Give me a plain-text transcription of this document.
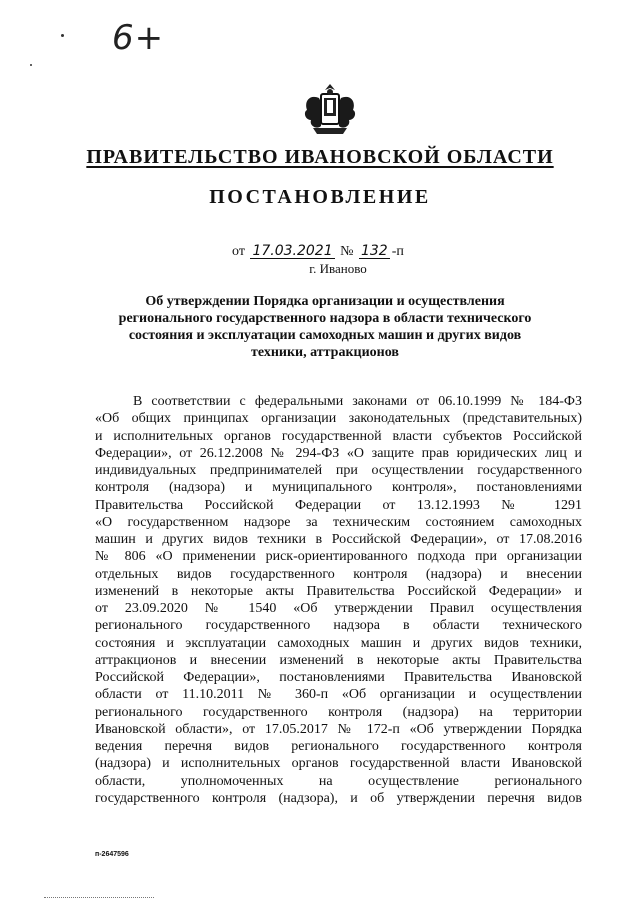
6+
ПРАВИТЕЛЬСТВО ИВАНОВСКОЙ ОБЛАСТИ
ПОСТАНОВЛЕНИЕ
от 17.03.2021 № 132 -п
г. Иваново
Об утверждении Порядка организации и осуществления
регионального государственного надзора в области технического
состояния и эксплуатации самоходных машин и других видов
техники, аттракционов
В соответствии с федеральными законами от 06.10.1999 № 184-ФЗ
«Об общих принципах организации законодательных (представительных)
и исполнительных органов государственной власти субъектов Российской
Федерации», от 26.12.2008 № 294-ФЗ «О защите прав юридических лиц и
индивидуальных предпринимателей при осуществлении государственного
контроля (надзора) и муниципального контроля», постановлениями
Правительства Российской Федерации от 13.12.1993 № 1291
«О государственном надзоре за техническим состоянием самоходных
машин и других видов техники в Российской Федерации», от 17.08.2016
№ 806 «О применении риск-ориентированного подхода при организации
отдельных видов государственного контроля (надзора) и внесении
изменений в некоторые акты Правительства Российской Федерации» и
от 23.09.2020 № 1540 «Об утверждении Правил осуществления
регионального государственного надзора в области технического
состояния и эксплуатации самоходных машин и других видов техники,
аттракционов и внесении изменений в некоторые акты Правительства
Российской Федерации», постановлениями Правительства Ивановской
области от 11.10.2011 № 360-п «Об организации и осуществлении
регионального государственного контроля (надзора) на территории
Ивановской области», от 17.05.2017 № 172-п «Об утверждении Порядка
ведения перечня видов регионального государственного контроля
(надзора) и исполнительных органов государственной власти Ивановской
области, уполномоченных на осуществление регионального
государственного контроля (надзора), и об утверждении перечня видов
п-2647596
